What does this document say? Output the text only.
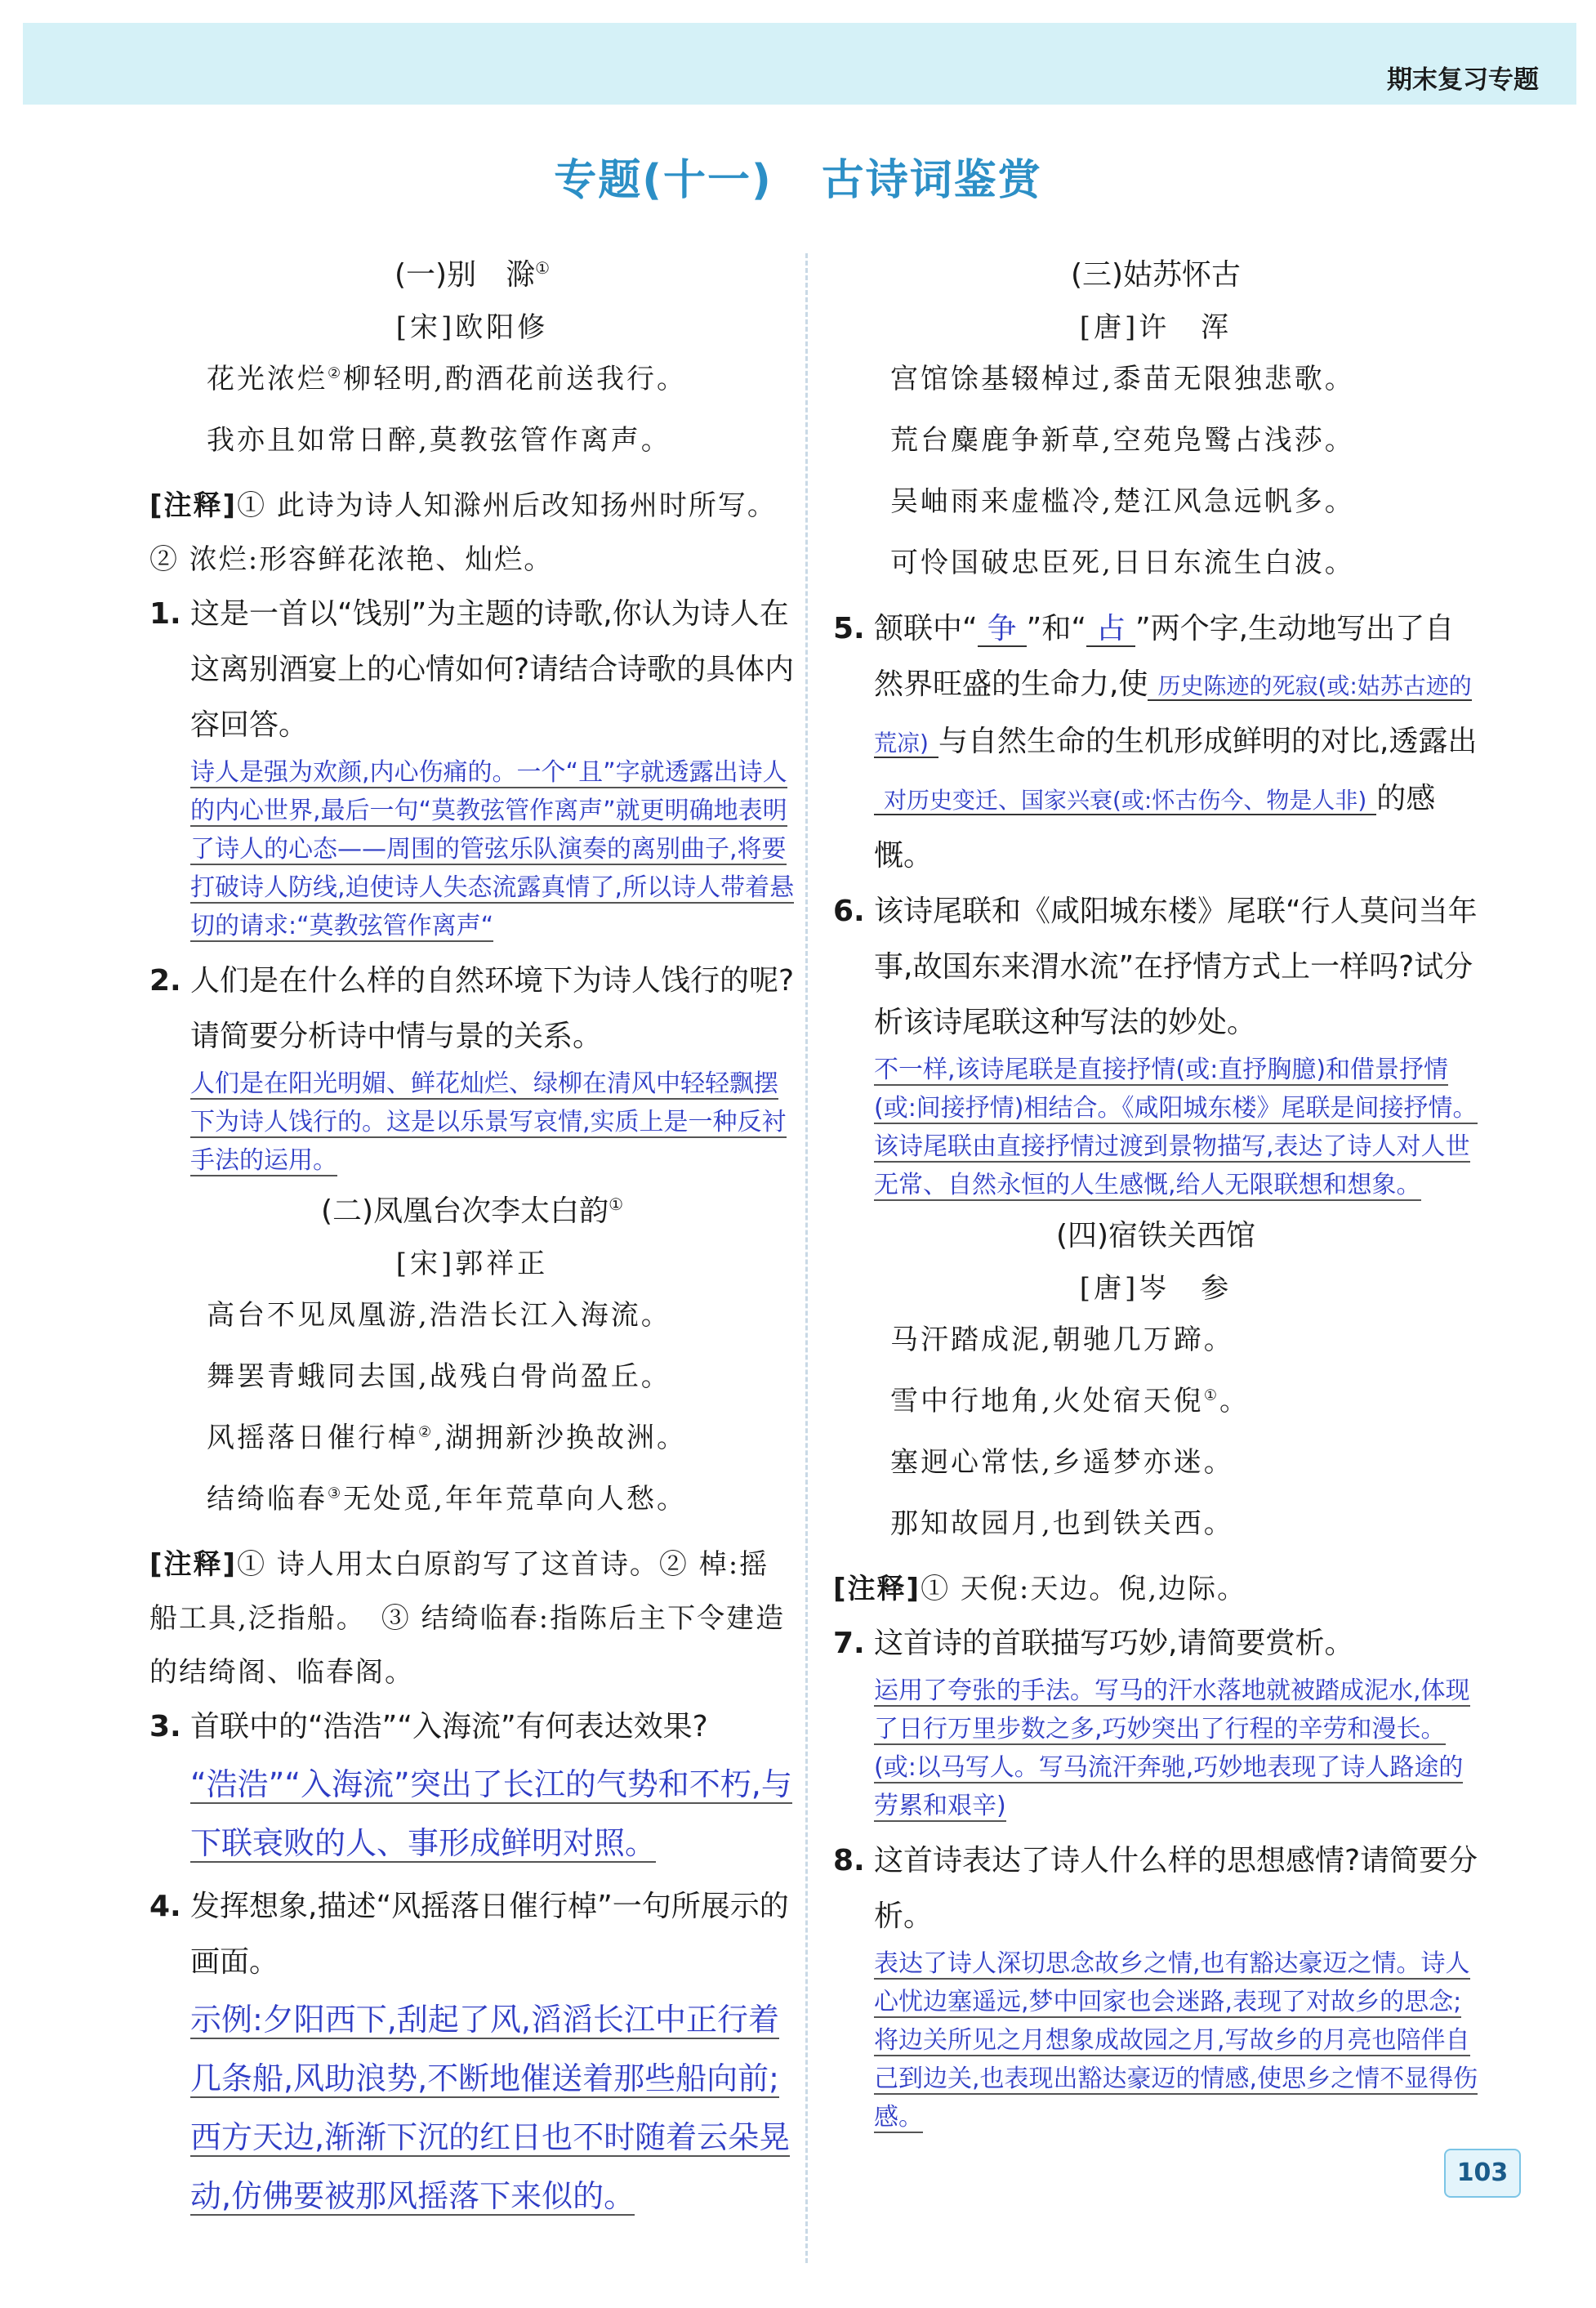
期末复习专题
专题(十一) 古诗词鉴赏
(一)别　滁①
[宋]欧阳修
花光浓烂②柳轻明,酌酒花前送我行。
我亦且如常日醉,莫教弦管作离声。
[注释]① 此诗为诗人知滁州后改知扬州时所写。　② 浓烂:形容鲜花浓艳、灿烂。
1. 这是一首以“饯别”为主题的诗歌,你认为诗人在这离别酒宴上的心情如何?请结合诗歌的具体内容回答。
诗人是强为欢颜,内心伤痛的。一个“且”字就透露出诗人的内心世界,最后一句“莫教弦管作离声”就更明确地表明了诗人的心态——周围的管弦乐队演奏的离别曲子,将要打破诗人防线,迫使诗人失态流露真情了,所以诗人带着悬切的请求:“莫教弦管作离声“
2. 人们是在什么样的自然环境下为诗人饯行的呢?请简要分析诗中情与景的关系。
人们是在阳光明媚、鲜花灿烂、绿柳在清风中轻轻飘摆下为诗人饯行的。这是以乐景写哀情,实质上是一种反衬手法的运用。
(二)凤凰台次李太白韵①
[宋]郭祥正
高台不见凤凰游,浩浩长江入海流。
舞罢青蛾同去国,战残白骨尚盈丘。
风摇落日催行棹②,湖拥新沙换故洲。
结绮临春③无处觅,年年荒草向人愁。
[注释]① 诗人用太白原韵写了这首诗。② 棹:摇船工具,泛指船。　③ 结绮临春:指陈后主下令建造的结绮阁、临春阁。
3. 首联中的“浩浩”“入海流”有何表达效果?
“浩浩”“入海流”突出了长江的气势和不朽,与下联衰败的人、事形成鲜明对照。
4. 发挥想象,描述“风摇落日催行棹”一句所展示的画面。
示例:夕阳西下,刮起了风,滔滔长江中正行着几条船,风助浪势,不断地催送着那些船向前;西方天边,渐渐下沉的红日也不时随着云朵晃动,仿佛要被那风摇落下来似的。
(三)姑苏怀古
[唐]许　浑
宫馆馀基辍棹过,黍苗无限独悲歌。
荒台麋鹿争新草,空苑凫鹥占浅莎。
吴岫雨来虚槛冷,楚江风急远帆多。
可怜国破忠臣死,日日东流生白波。
5. 颔联中“ 争 ”和“ 占 ”两个字,生动地写出了自然界旺盛的生命力,使 历史陈迹的死寂(或:姑苏古迹的荒凉) 与自然生命的生机形成鲜明的对比,透露出对历史变迁、国家兴衰(或:怀古伤今、物是人非) 的感慨。
6. 该诗尾联和《咸阳城东楼》尾联“行人莫问当年事,故国东来渭水流”在抒情方式上一样吗?试分析该诗尾联这种写法的妙处。
不一样,该诗尾联是直接抒情(或:直抒胸臆)和借景抒情(或:间接抒情)相结合。《咸阳城东楼》尾联是间接抒情。该诗尾联由直接抒情过渡到景物描写,表达了诗人对人世无常、自然永恒的人生感慨,给人无限联想和想象。
(四)宿铁关西馆
[唐]岑　参
马汗踏成泥,朝驰几万蹄。
雪中行地角,火处宿天倪①。
塞迥心常怯,乡遥梦亦迷。
那知故园月,也到铁关西。
[注释]① 天倪:天边。倪,边际。
7. 这首诗的首联描写巧妙,请简要赏析。
运用了夸张的手法。写马的汗水落地就被踏成泥水,体现了日行万里步数之多,巧妙突出了行程的辛劳和漫长。(或:以马写人。写马流汗奔驰,巧妙地表现了诗人路途的劳累和艰辛)
8. 这首诗表达了诗人什么样的思想感情?请简要分析。
表达了诗人深切思念故乡之情,也有豁达豪迈之情。诗人心忧边塞遥远,梦中回家也会迷路,表现了对故乡的思念;将边关所见之月想象成故园之月,写故乡的月亮也陪伴自己到边关,也表现出豁达豪迈的情感,使思乡之情不显得伤感。
103
